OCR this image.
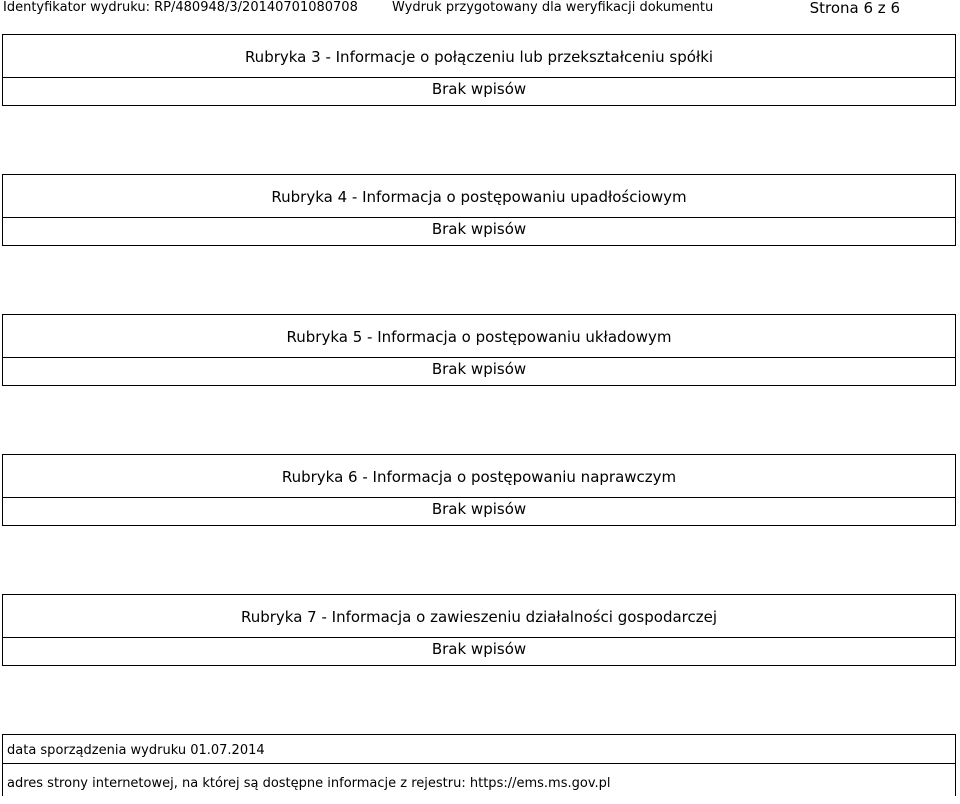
Identyfikator wydruku: RP/480948/3/20140701080708	Wydruk przygotowany dla weryfikacji dokumentu	Strona 6 z 6
Rubryka 3 - Informacje o połączeniu lub przekształceniu spółki
Brak wpisów
Rubryka 4 - Informacja o postępowaniu upadłościowym
Brak wpisów
Rubryka 5 - Informacja o postępowaniu układowym
Brak wpisów
Rubryka 6 - Informacja o postępowaniu naprawczym
Brak wpisów
Rubryka 7 - Informacja o zawieszeniu działalności gospodarczej
Brak wpisów
data sporządzenia wydruku 01.07.2014
adres strony internetowej, na której są dostępne informacje z rejestru: https://ems.ms.gov.pl
